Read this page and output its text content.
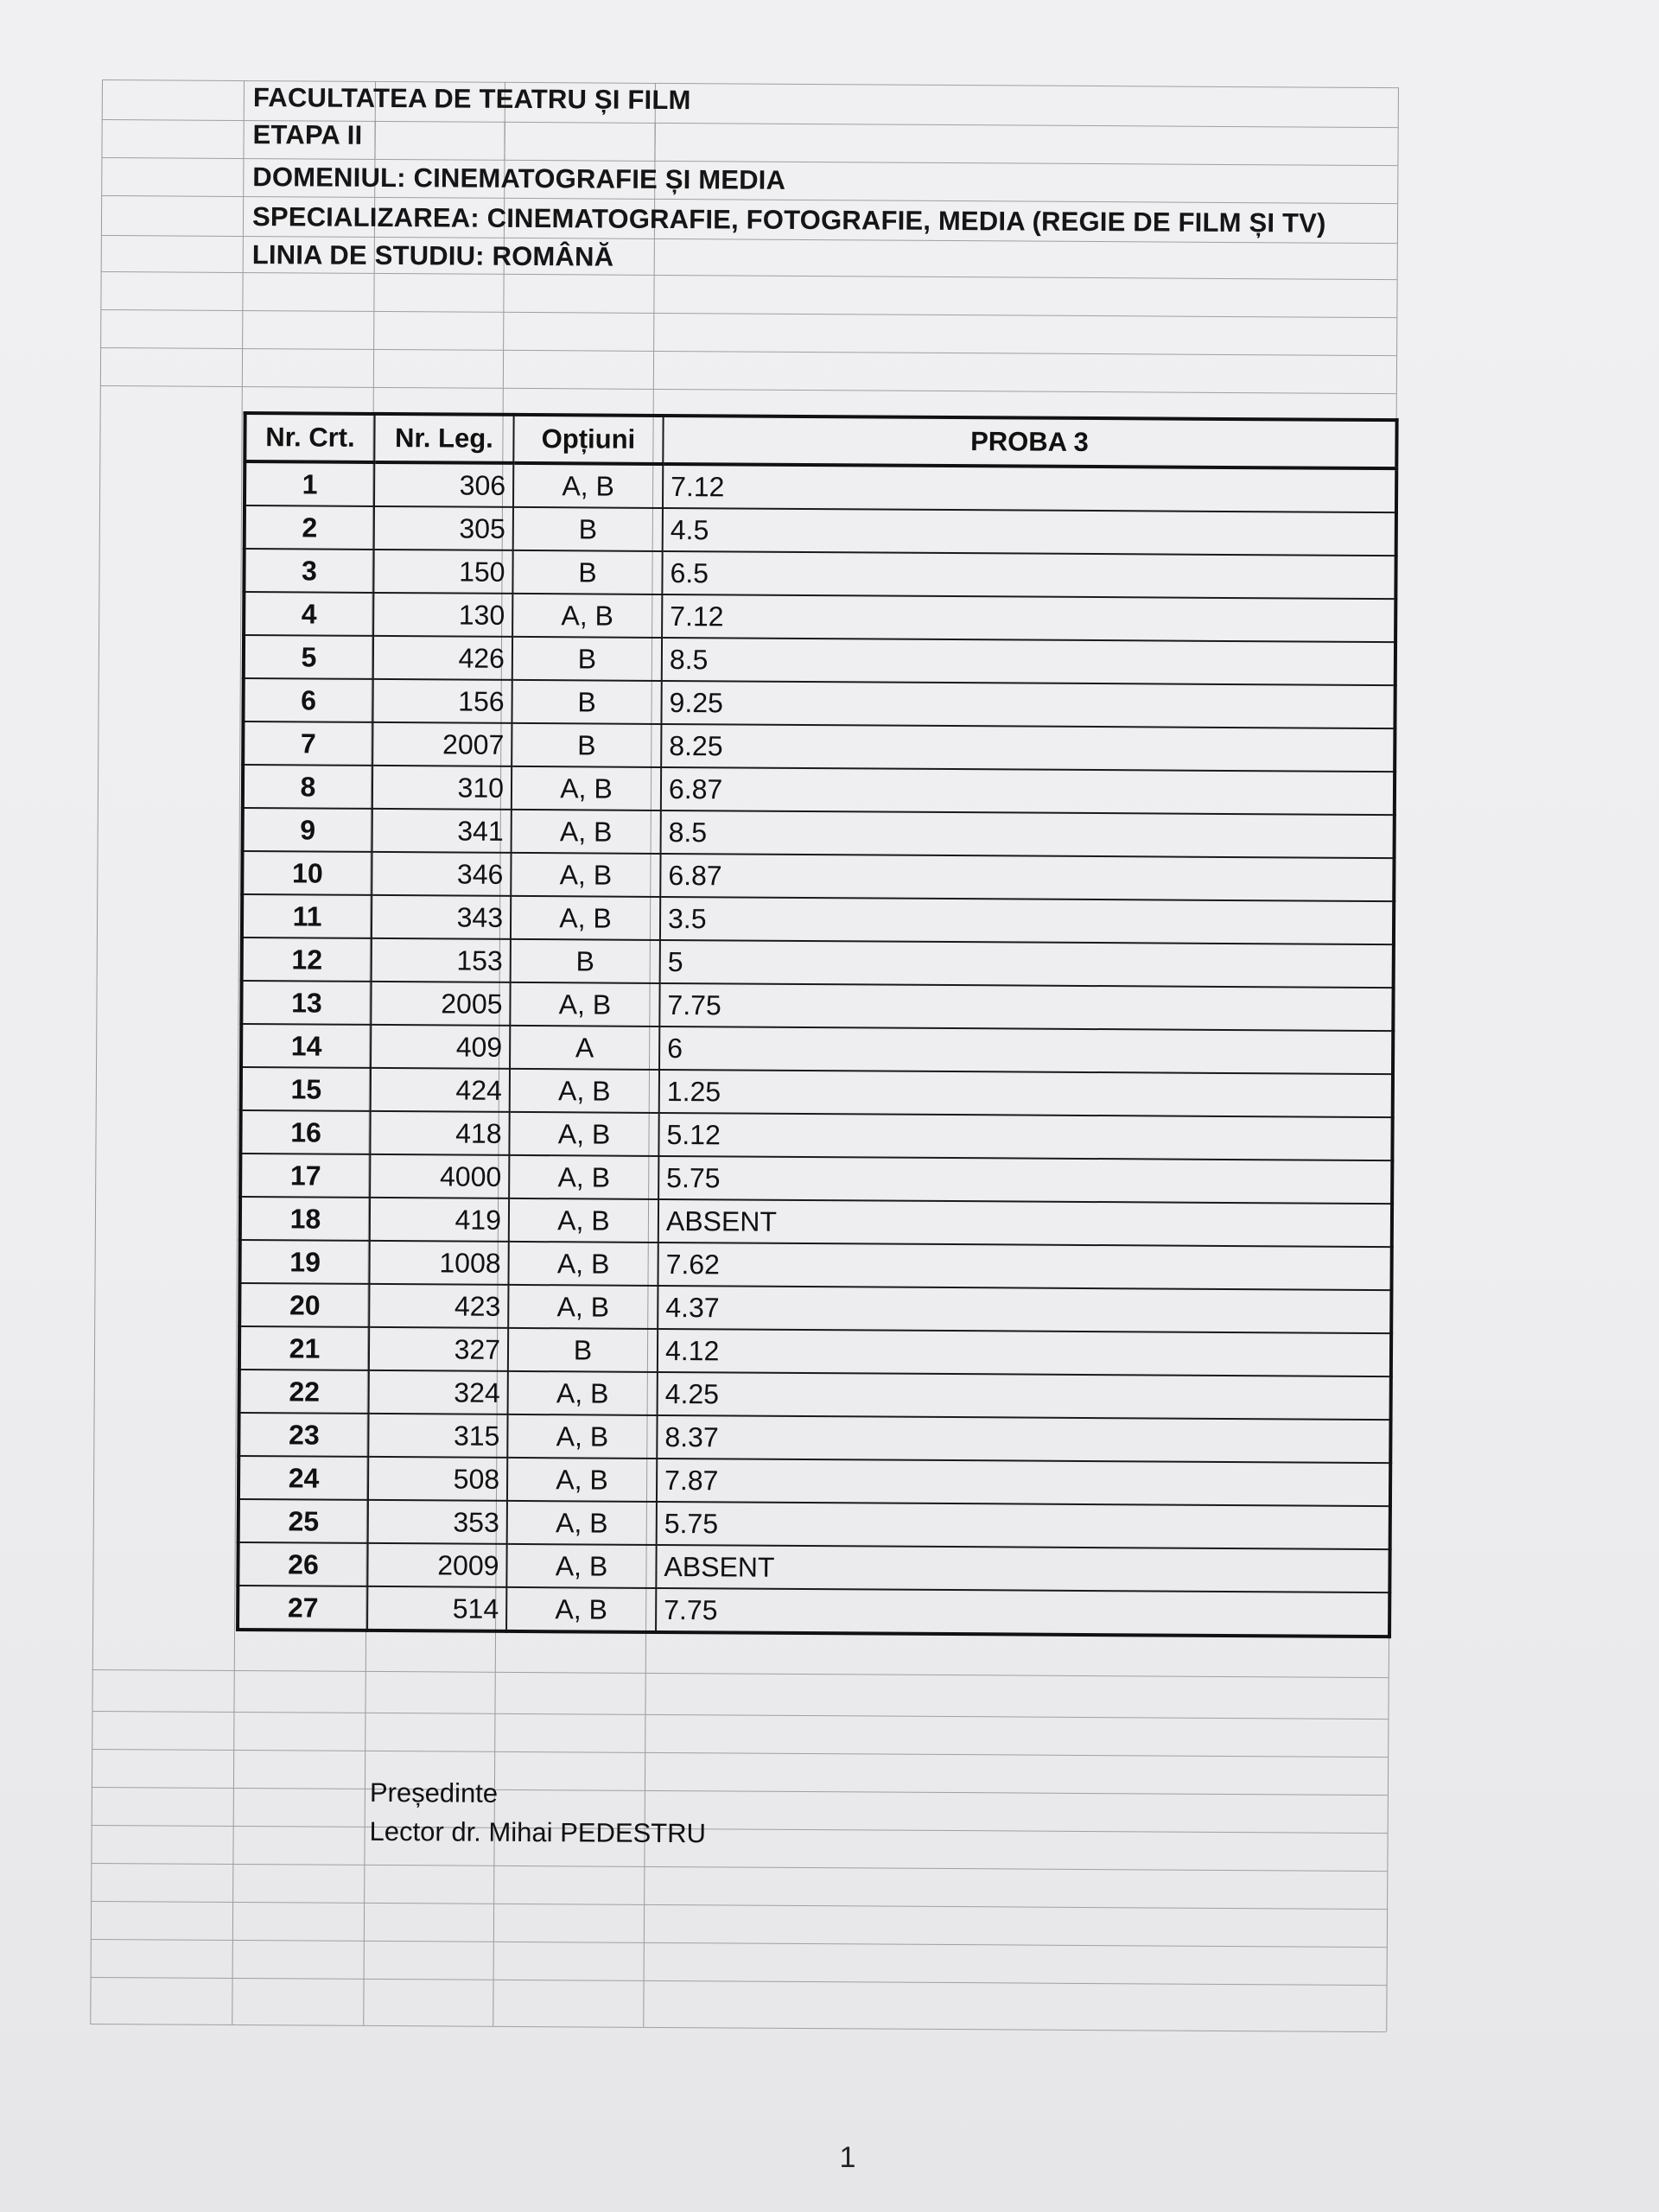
FACULTATEA DE TEATRU ȘI FILM
ETAPA II
DOMENIUL: CINEMATOGRAFIE ȘI MEDIA
SPECIALIZAREA: CINEMATOGRAFIE, FOTOGRAFIE, MEDIA (REGIE DE FILM ȘI TV)
LINIA DE STUDIU: ROMÂNĂ
Nr. Crt.	Nr. Leg.	Opțiuni	PROBA 3
1	306	A, B	7.12
2	305	B	4.5
3	150	B	6.5
4	130	A, B	7.12
5	426	B	8.5
6	156	B	9.25
7	2007	B	8.25
8	310	A, B	6.87
9	341	A, B	8.5
10	346	A, B	6.87
11	343	A, B	3.5
12	153	B	5
13	2005	A, B	7.75
14	409	A	6
15	424	A, B	1.25
16	418	A, B	5.12
17	4000	A, B	5.75
18	419	A, B	ABSENT
19	1008	A, B	7.62
20	423	A, B	4.37
21	327	B	4.12
22	324	A, B	4.25
23	315	A, B	8.37
24	508	A, B	7.87
25	353	A, B	5.75
26	2009	A, B	ABSENT
27	514	A, B	7.75
Președinte
Lector dr. Mihai PEDESTRU
1
